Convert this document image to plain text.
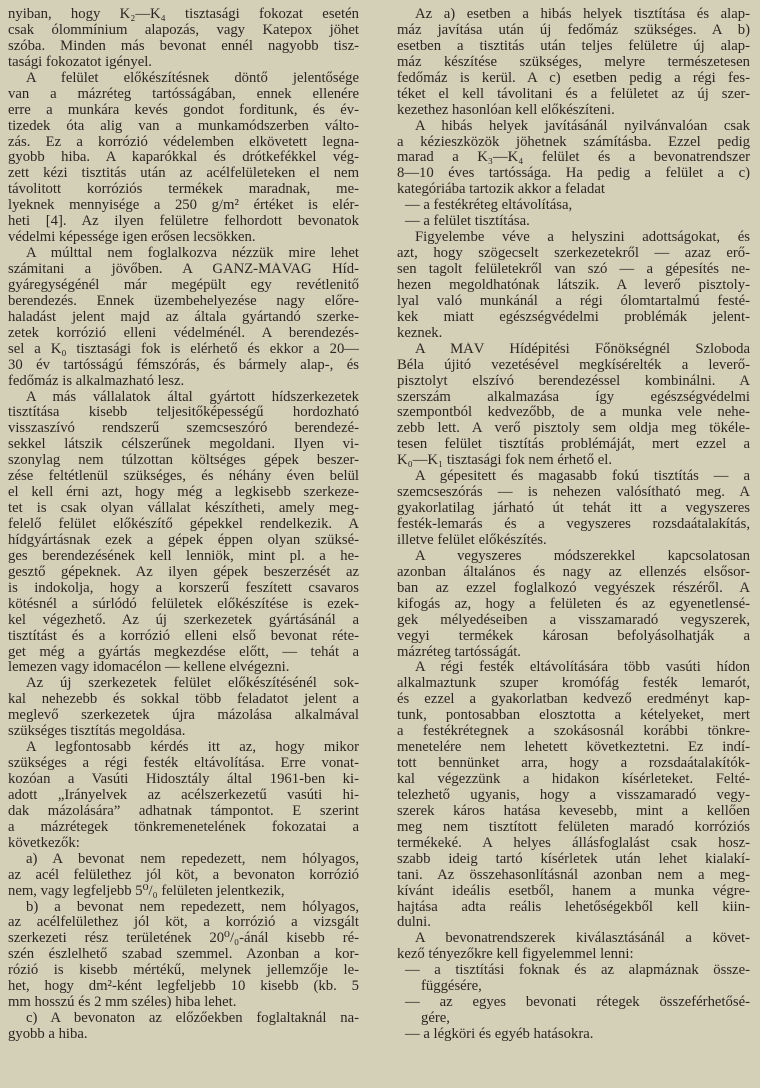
nyiban, hogy K₂—K₄ tisztasági fokozat esetén
csak ólommínium alapozás, vagy Katepox jöhet
szóba. Minden más bevonat ennél nagyobb tisz-
tasági fokozatot igényel.
A felület előkészítésnek döntő jelentősége
van a mázréteg tartósságában, ennek ellenére
erre a munkára kevés gondot forditunk, és év-
tizedek óta alig van a munkamódszerben válto-
zás. Ez a korrózió védelemben elkövetett legna-
gyobb hiba. A kaparókkal és drótkefékkel vég-
zett kézi tisztitás után az acélfelületeken el nem
távolitott korróziós termékek maradnak, me-
lyeknek mennyisége a 250 g/m² értéket is elér-
heti [4]. Az ilyen felületre felhordott bevonatok
védelmi képessége igen erősen lecsökken.
A múlttal nem foglalkozva nézzük mire lehet
számitani a jövőben. A GANZ-MÁVAG Híd-
gyáregységénél már megépült egy revétlenitő
berendezés. Ennek üzembehelyezése nagy előre-
haladást jelent majd az általa gyártandó szerke-
zetek korrózió elleni védelménél. A berendezés-
sel a K₀ tisztasági fok is elérhető és ekkor a 20—
30 év tartósságú fémszórás, és bármely alap-, és
fedőmáz is alkalmazható lesz.
A más vállalatok által gyártott hídszerkezetek
tisztítása kisebb teljesitőképességű hordozható
visszaszívó rendszerű szemcseszóró berendezé-
sekkel látszik célszerűnek megoldani. Ilyen vi-
szonylag nem túlzottan költséges gépek beszer-
zése feltétlenül szükséges, és néhány éven belül
el kell érni azt, hogy még a legkisebb szerkeze-
tet is csak olyan vállalat készítheti, amely meg-
felelő felület előkészítő gépekkel rendelkezik. A
hídgyártásnak ezek a gépek éppen olyan szüksé-
ges berendezésének kell lenniök, mint pl. a he-
gesztő gépeknek. Az ilyen gépek beszerzését az
is indokolja, hogy a korszerű feszített csavaros
kötésnél a súrlódó felületek előkészítése is ezek-
kel végezhető. Az új szerkezetek gyártásánál a
tisztítást és a korrózió elleni első bevonat réte-
get még a gyártás megkezdése előtt, — tehát a
lemezen vagy idomacélon — kellene elvégezni.
Az új szerkezetek felület előkészítésénél sok-
kal nehezebb és sokkal több feladatot jelent a
meglevő szerkezetek újra mázolása alkalmával
szükséges tisztítás megoldása.
A legfontosabb kérdés itt az, hogy mikor
szükséges a régi festék eltávolítása. Erre vonat-
kozóan a Vasúti Hidosztály által 1961-ben ki-
adott „Irányelvek az acélszerkezetű vasúti hi-
dak mázolására” adhatnak támpontot. E szerint
a mázrétegek tönkremenetelének fokozatai a
következők:
a) A bevonat nem repedezett, nem hólyagos,
az acél felülethez jól köt, a bevonaton korrózió
nem, vagy legfeljebb 5⁰/₀ felületen jelentkezik,
b) a bevonat nem repedezett, nem hólyagos,
az acélfelülethez jól köt, a korrózió a vizsgált
szerkezeti rész területének 20⁰/₀-ánál kisebb ré-
szén észlelhető szabad szemmel. Azonban a kor-
rózió is kisebb mértékű, melynek jellemzője le-
het, hogy dm²-ként legfeljebb 10 kisebb (kb. 5
mm hosszú és 2 mm széles) hiba lehet.
c) A bevonaton az előzőekben foglaltaknál na-
gyobb a hiba.
Az a) esetben a hibás helyek tisztítása és alap-
máz javítása után új fedőmáz szükséges. A b)
esetben a tisztitás után teljes felületre új alap-
máz készítése szükséges, melyre természetesen
fedőmáz is kerül. A c) esetben pedig a régi fes-
téket el kell távolitani és a felületet az új szer-
kezethez hasonlóan kell előkészíteni.
A hibás helyek javításánál nyilvánvalóan csak
a kézieszközök jöhetnek számításba. Ezzel pedig
marad a K₃—K₄ felület és a bevonatrendszer
8—10 éves tartóssága. Ha pedig a felület a c)
kategóriába tartozik akkor a feladat
— a festékréteg eltávolítása,
— a felület tisztítása.
Figyelembe véve a helyszini adottságokat, és
azt, hogy szögecselt szerkezetekről — azaz erő-
sen tagolt felületekről van szó — a gépesítés ne-
hezen megoldhatónak látszik. A leverő pisztoly-
lyal való munkánál a régi ólomtartalmú festé-
kek miatt egészségvédelmi problémák jelent-
keznek.
A MÁV Hídépitési Főnökségnél Szloboda
Béla újitó vezetésével megkísérelték a leverő-
pisztolyt elszívó berendezéssel kombinálni. A
szerszám alkalmazása így egészségvédelmi
szempontból kedvezőbb, de a munka vele nehe-
zebb lett. A verő pisztoly sem oldja meg tökéle-
tesen felület tisztítás problémáját, mert ezzel a
K₀—K₁ tisztasági fok nem érhető el.
A gépesitett és magasabb fokú tisztítás — a
szemcseszórás — is nehezen valósítható meg. A
gyakorlatilag járható út tehát itt a vegyszeres
festék-lemarás és a vegyszeres rozsdaátalakítás,
illetve felület előkészítés.
A vegyszeres módszerekkel kapcsolatosan
azonban általános és nagy az ellenzés elsősor-
ban az ezzel foglalkozó vegyészek részéről. A
kifogás az, hogy a felületen és az egyenetlensé-
gek mélyedéseiben a visszamaradó vegyszerek,
vegyi termékek károsan befolyásolhatják a
mázréteg tartósságát.
A régi festék eltávolítására több vasúti hídon
alkalmaztunk szuper kromófág festék lemarót,
és ezzel a gyakorlatban kedvező eredményt kap-
tunk, pontosabban elosztotta a kételyeket, mert
a festékrétegnek a szokásosnál korábbi tönkre-
menetelére nem lehetett következtetni. Ez indí-
tott bennünket arra, hogy a rozsdaátalakítók-
kal végezzünk a hidakon kísérleteket. Felté-
telezhető ugyanis, hogy a visszamaradó vegy-
szerek káros hatása kevesebb, mint a kellően
meg nem tisztított felületen maradó korróziós
termékeké. A helyes állásfoglalást csak hosz-
szabb ideig tartó kísérletek után lehet kialakí-
tani. Az összehasonlításnál azonban nem a meg-
kívánt ideális esetből, hanem a munka végre-
hajtása adta reális lehetőségekből kell kiin-
dulni.
A bevonatrendszerek kiválasztásánál a követ-
kező tényezőkre kell figyelemmel lenni:
— a tisztítási foknak és az alapmáznak össze-
függésére,
— az egyes bevonati rétegek összeférhetősé-
gére,
— a légköri és egyéb hatásokra.
